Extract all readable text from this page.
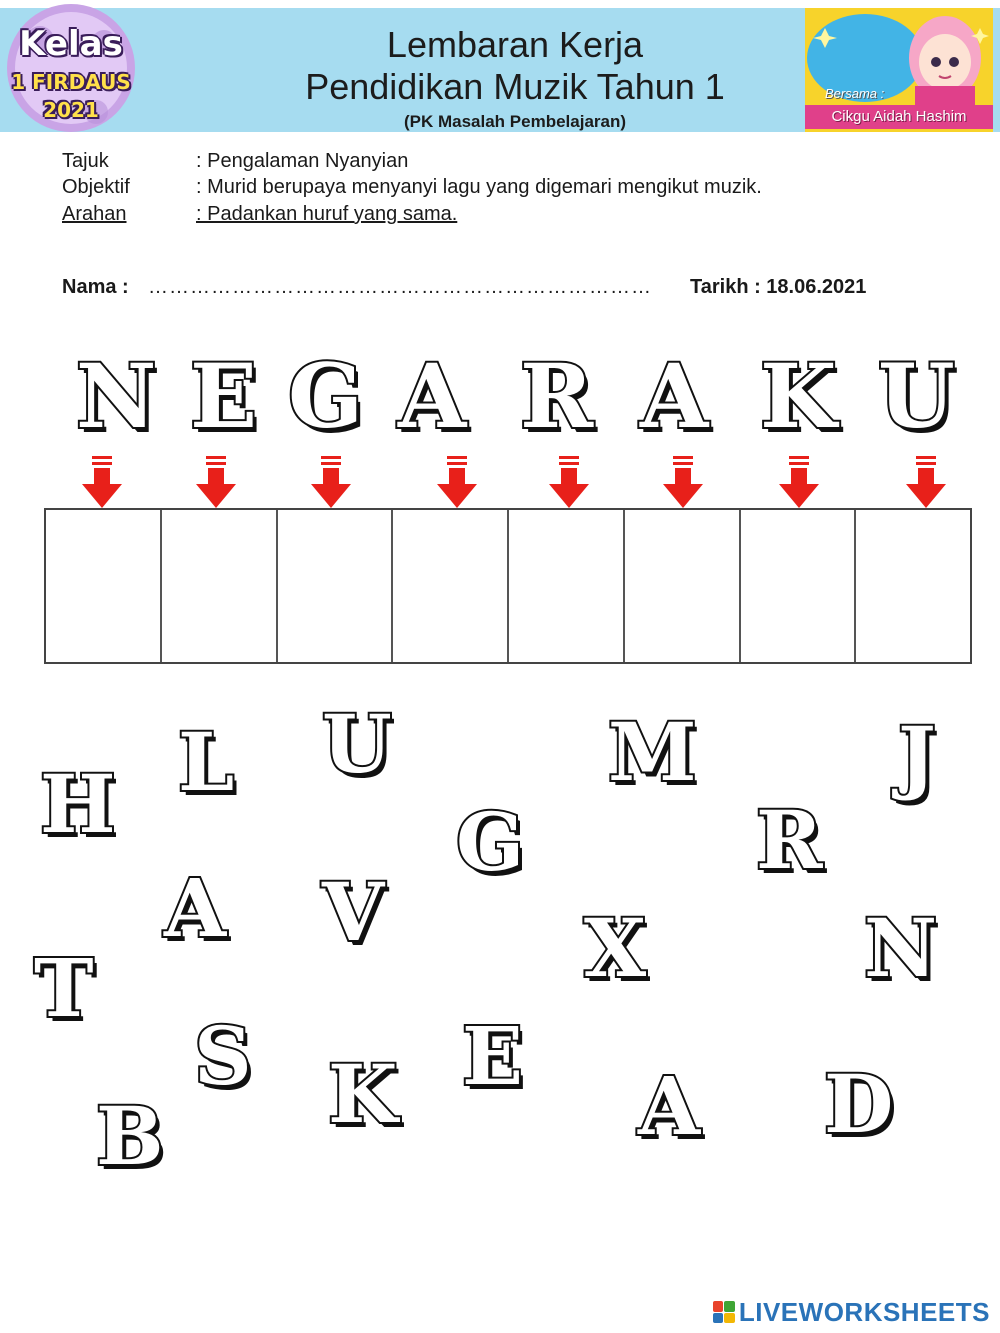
Lembaran Kerja
Pendidikan Muzik Tahun 1
(PK Masalah Pembelajaran)
Kelas
1 FIRDAUS
2021
Bersama :
Cikgu Aidah Hashim
Tajuk	: Pengalaman Nyanyian
Objektif	: Murid berupaya menyanyi lagu yang digemari mengikut muzik.
Arahan	: Padankan huruf yang sama.
Nama : ……………………………………………………………… Tarikh : 18.06.2021
N E G A R A K U
H L U
G
M	J
R
A V X	N
T
S	E
K
B	A D
LIVEWORKSHEETS
